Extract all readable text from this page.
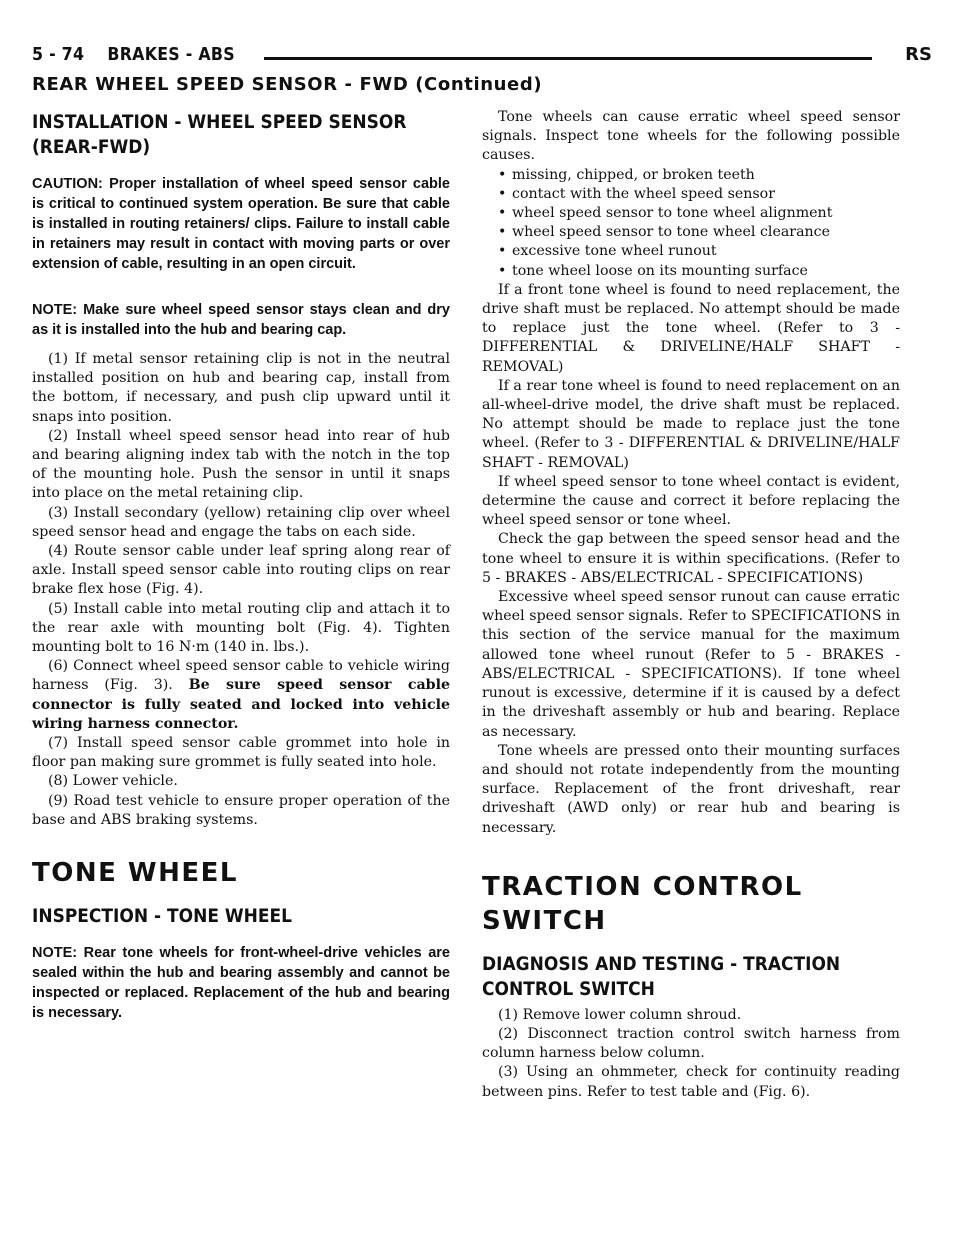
5 - 74    BRAKES - ABS	RS
REAR WHEEL SPEED SENSOR - FWD (Continued)
INSTALLATION - WHEEL SPEED SENSOR
(REAR-FWD)

CAUTION: Proper installation of wheel speed sensor cable is critical to continued system operation. Be sure that cable is installed in routing retainers/ clips. Failure to install cable in retainers may result in contact with moving parts or over extension of cable, resulting in an open circuit.

NOTE: Make sure wheel speed sensor stays clean and dry as it is installed into the hub and bearing cap.

(1) If metal sensor retaining clip is not in the neutral installed position on hub and bearing cap, install from the bottom, if necessary, and push clip upward until it snaps into position.

(2) Install wheel speed sensor head into rear of hub and bearing aligning index tab with the notch in the top of the mounting hole. Push the sensor in until it snaps into place on the metal retaining clip.

(3) Install secondary (yellow) retaining clip over wheel speed sensor head and engage the tabs on each side.

(4) Route sensor cable under leaf spring along rear of axle. Install speed sensor cable into routing clips on rear brake flex hose (Fig. 4).

(5) Install cable into metal routing clip and attach it to the rear axle with mounting bolt (Fig. 4). Tighten mounting bolt to 16 N·m (140 in. lbs.).

(6) Connect wheel speed sensor cable to vehicle wiring harness (Fig. 3). Be sure speed sensor cable connector is fully seated and locked into vehicle wiring harness connector.

(7) Install speed sensor cable grommet into hole in floor pan making sure grommet is fully seated into hole.

(8) Lower vehicle.

(9) Road test vehicle to ensure proper operation of the base and ABS braking systems.

TONE WHEEL
INSPECTION - TONE WHEEL

NOTE: Rear tone wheels for front-wheel-drive vehicles are sealed within the hub and bearing assembly and cannot be inspected or replaced. Replacement of the hub and bearing is necessary.

Tone wheels can cause erratic wheel speed sensor signals. Inspect tone wheels for the following possible causes.

• missing, chipped, or broken teeth
• contact with the wheel speed sensor
• wheel speed sensor to tone wheel alignment
• wheel speed sensor to tone wheel clearance
• excessive tone wheel runout
• tone wheel loose on its mounting surface

If a front tone wheel is found to need replacement, the drive shaft must be replaced. No attempt should be made to replace just the tone wheel. (Refer to 3 - DIFFERENTIAL & DRIVELINE/HALF SHAFT - REMOVAL)

If a rear tone wheel is found to need replacement on an all-wheel-drive model, the drive shaft must be replaced. No attempt should be made to replace just the tone wheel. (Refer to 3 - DIFFERENTIAL & DRIVELINE/HALF SHAFT - REMOVAL)

If wheel speed sensor to tone wheel contact is evident, determine the cause and correct it before replacing the wheel speed sensor or tone wheel.

Check the gap between the speed sensor head and the tone wheel to ensure it is within specifications. (Refer to 5 - BRAKES - ABS/ELECTRICAL - SPECIFICATIONS)

Excessive wheel speed sensor runout can cause erratic wheel speed sensor signals. Refer to SPECIFICATIONS in this section of the service manual for the maximum allowed tone wheel runout (Refer to 5 - BRAKES - ABS/ELECTRICAL - SPECIFICATIONS). If tone wheel runout is excessive, determine if it is caused by a defect in the driveshaft assembly or hub and bearing. Replace as necessary.

Tone wheels are pressed onto their mounting surfaces and should not rotate independently from the mounting surface. Replacement of the front driveshaft, rear driveshaft (AWD only) or rear hub and bearing is necessary.

TRACTION CONTROL SWITCH
DIAGNOSIS AND TESTING - TRACTION
CONTROL SWITCH

(1) Remove lower column shroud.

(2) Disconnect traction control switch harness from column harness below column.

(3) Using an ohmmeter, check for continuity reading between pins. Refer to test table and (Fig. 6).
